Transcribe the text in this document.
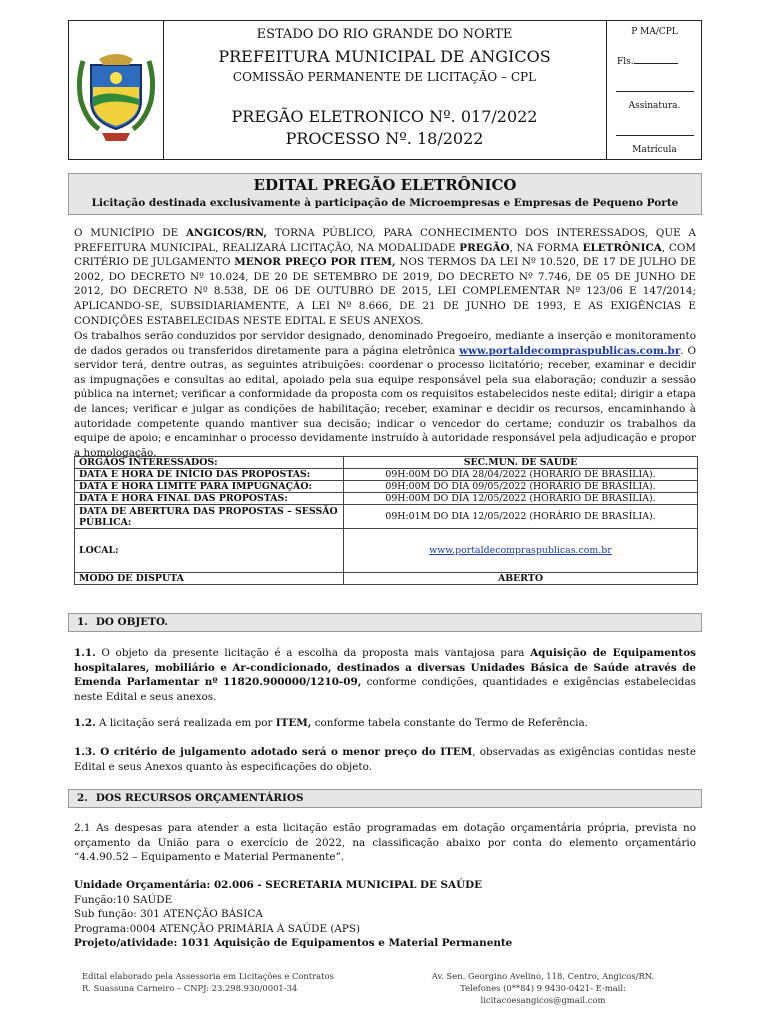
ESTADO DO RIO GRANDE DO NORTE
PREFEITURA MUNICIPAL DE ANGICOS
COMISSÃO PERMANENTE DE LICITAÇÃO – CPL
PREGÃO ELETRONICO Nº. 017/2022
PROCESSO Nº. 18/2022
P MA/CPL
Fls.
Assinatura.
Matrícula
EDITAL PREGÃO ELETRÔNICO
Licitação destinada exclusivamente à participação de Microempresas e Empresas de Pequeno Porte
O MUNICÍPIO DE ANGICOS/RN, TORNA PÚBLICO, PARA CONHECIMENTO DOS INTERESSADOS, QUE A PREFEITURA MUNICIPAL, REALIZARÁ LICITAÇÃO, NA MODALIDADE PREGÃO, NA FORMA ELETRÔNICA, COM CRITÉRIO DE JULGAMENTO MENOR PREÇO POR ITEM, NOS TERMOS DA LEI Nº 10.520, DE 17 DE JULHO DE 2002, DO DECRETO Nº 10.024, DE 20 DE SETEMBRO DE 2019, DO DECRETO Nº 7.746, DE 05 DE JUNHO DE 2012, DO DECRETO Nº 8.538, DE 06 DE OUTUBRO DE 2015, LEI COMPLEMENTAR Nº 123/06 E 147/2014; APLICANDO-SE, SUBSIDIARIAMENTE, A LEI Nº 8.666, DE 21 DE JUNHO DE 1993, E AS EXIGÊNCIAS E CONDIÇÕES ESTABELECIDAS NESTE EDITAL E SEUS ANEXOS.
Os trabalhos serão conduzidos por servidor designado, denominado Pregoeiro, mediante a inserção e monitoramento de dados gerados ou transferidos diretamente para a página eletrônica www.portaldecompraspublicas.com.br. O servidor terá, dentre outras, as seguintes atribuições: coordenar o processo licitatório; receber, examinar e decidir as impugnações e consultas ao edital, apoiado pela sua equipe responsável pela sua elaboração; conduzir a sessão pública na internet; verificar a conformidade da proposta com os requisitos estabelecidos neste edital; dirigir a etapa de lances; verificar e julgar as condições de habilitação; receber, examinar e decidir os recursos, encaminhando à autoridade competente quando mantiver sua decisão; indicar o vencedor do certame; conduzir os trabalhos da equipe de apoio; e encaminhar o processo devidamente instruído à autoridade responsável pela adjudicação e propor a homologação.
ÓRGÃOS INTERESSADOS:	SEC.MUN. DE SAÚDE
DATA E HORA DE INÍCIO DAS PROPOSTAS:	09H:00M DO DIA 28/04/2022 (HORÁRIO DE BRASÍLIA).
DATA E HORA LIMITE PARA IMPUGNAÇÃO:	09H:00M DO DIA 09/05/2022 (HORÁRIO DE BRASÍLIA).
DATA E HORA FINAL DAS PROPOSTAS:	09H:00M DO DIA 12/05/2022 (HORÁRIO DE BRASÍLIA).
DATA DE ABERTURA DAS PROPOSTAS – SESSÃO PÚBLICA:	09H:01M DO DIA 12/05/2022 (HORÁRIO DE BRASÍLIA).
LOCAL:	www.portaldecompraspublicas.com.br
MODO DE DISPUTA	ABERTO
1. DO OBJETO.
1.1. O objeto da presente licitação é a escolha da proposta mais vantajosa para Aquisição de Equipamentos hospitalares, mobiliário e Ar-condicionado, destinados a diversas Unidades Básica de Saúde através de Emenda Parlamentar nº 11820.900000/1210-09, conforme condições, quantidades e exigências estabelecidas neste Edital e seus anexos.
1.2. A licitação será realizada em por ITEM, conforme tabela constante do Termo de Referência.
1.3. O critério de julgamento adotado será o menor preço do ITEM, observadas as exigências contidas neste Edital e seus Anexos quanto às especificações do objeto.
2. DOS RECURSOS ORÇAMENTÁRIOS
2.1 As despesas para atender a esta licitação estão programadas em dotação orçamentária própria, prevista no orçamento da União para o exercício de 2022, na classificação abaixo por conta do elemento orçamentário “4.4.90.52 – Equipamento e Material Permanente”.
Unidade Orçamentária: 02.006 - SECRETARIA MUNICIPAL DE SAÚDE
Função:10 SAÚDE
Sub função: 301 ATENÇÃO BÁSICA
Programa:0004 ATENÇÃO PRIMÁRIA À SAÚDE (APS)
Projeto/atividade: 1031 Aquisição de Equipamentos e Material Permanente
Edital elaborado pela Assessoria em Licitações e Contratos
R. Suassuna Carneiro – CNPJ: 23.298.930/0001-34
Av. Sen. Georgino Avelino, 118, Centro, Angicos/RN.
Telefones (0**84) 9 9430-0421- E-mail: licitacoesangicos@gmail.com
